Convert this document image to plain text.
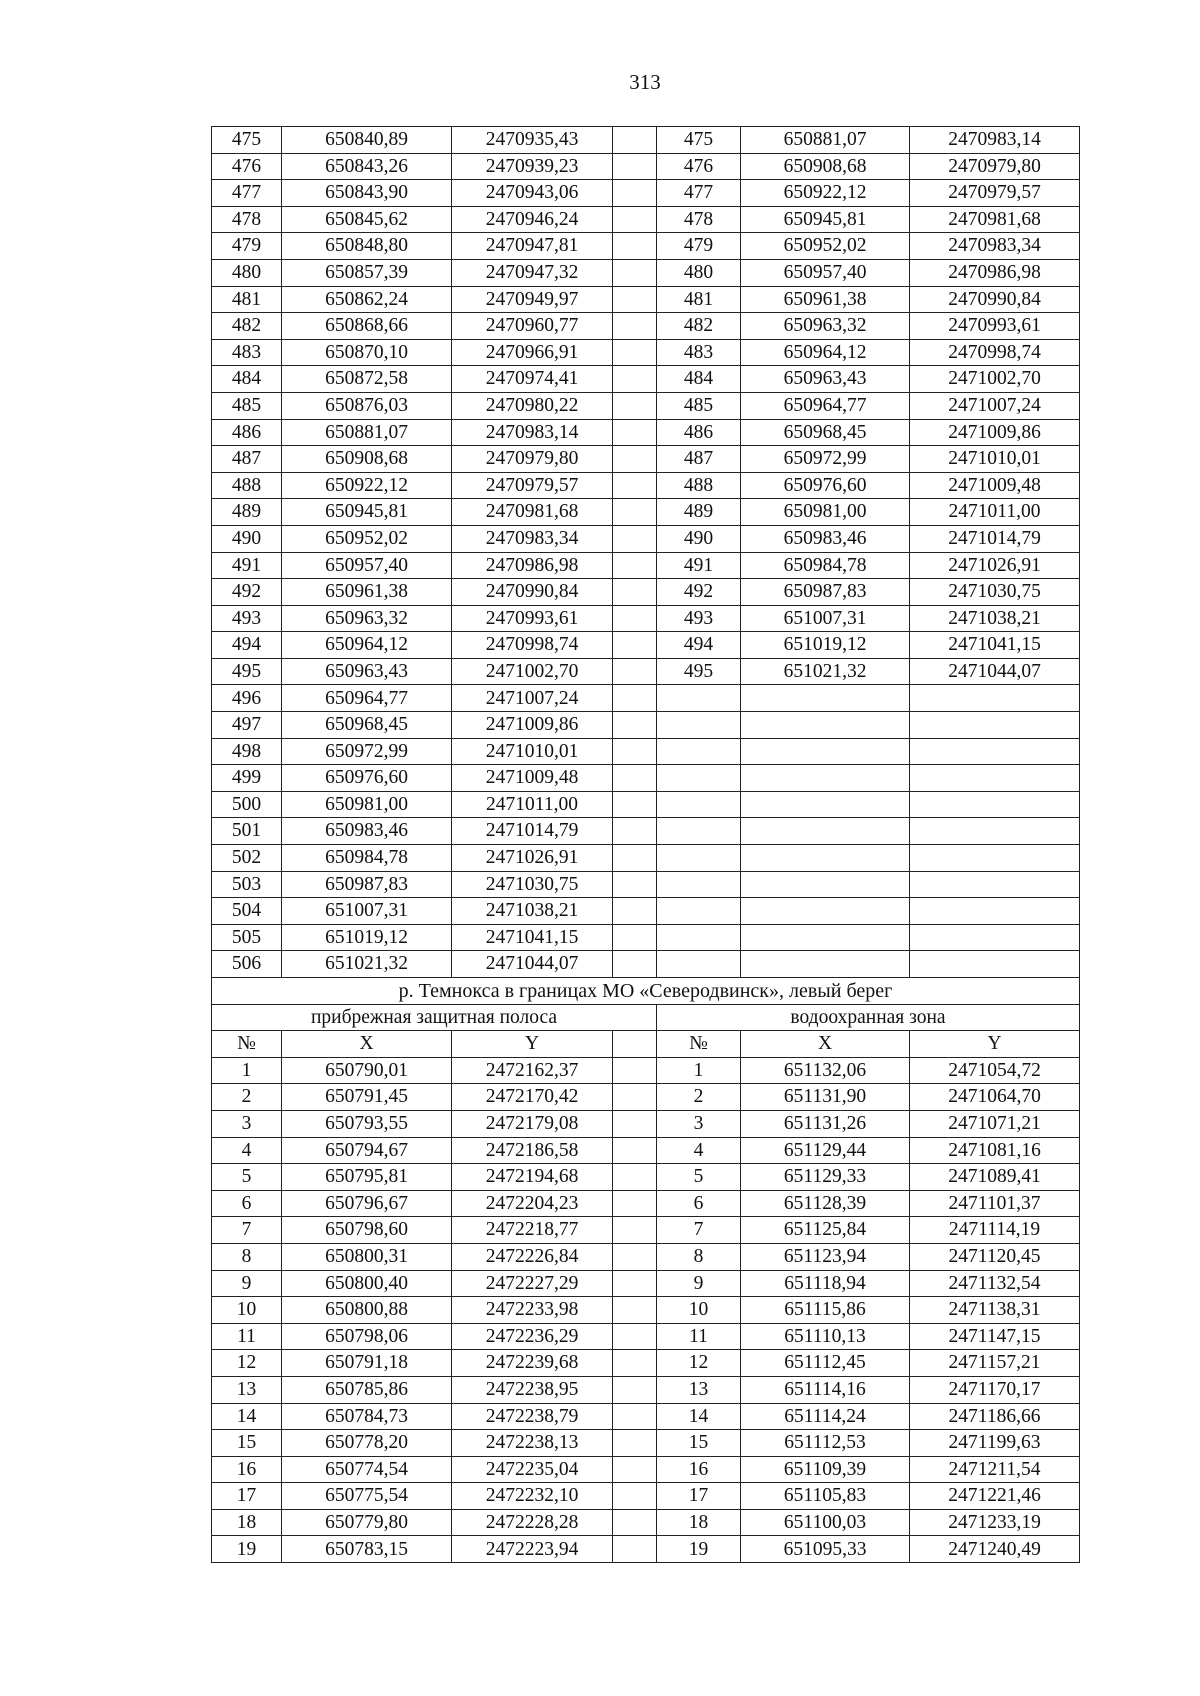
313
475	650840,89	2470935,43		475	650881,07	2470983,14
476	650843,26	2470939,23		476	650908,68	2470979,80
477	650843,90	2470943,06		477	650922,12	2470979,57
478	650845,62	2470946,24		478	650945,81	2470981,68
479	650848,80	2470947,81		479	650952,02	2470983,34
480	650857,39	2470947,32		480	650957,40	2470986,98
481	650862,24	2470949,97		481	650961,38	2470990,84
482	650868,66	2470960,77		482	650963,32	2470993,61
483	650870,10	2470966,91		483	650964,12	2470998,74
484	650872,58	2470974,41		484	650963,43	2471002,70
485	650876,03	2470980,22		485	650964,77	2471007,24
486	650881,07	2470983,14		486	650968,45	2471009,86
487	650908,68	2470979,80		487	650972,99	2471010,01
488	650922,12	2470979,57		488	650976,60	2471009,48
489	650945,81	2470981,68		489	650981,00	2471011,00
490	650952,02	2470983,34		490	650983,46	2471014,79
491	650957,40	2470986,98		491	650984,78	2471026,91
492	650961,38	2470990,84		492	650987,83	2471030,75
493	650963,32	2470993,61		493	651007,31	2471038,21
494	650964,12	2470998,74		494	651019,12	2471041,15
495	650963,43	2471002,70		495	651021,32	2471044,07
496	650964,77	2471007,24				
497	650968,45	2471009,86				
498	650972,99	2471010,01				
499	650976,60	2471009,48				
500	650981,00	2471011,00				
501	650983,46	2471014,79				
502	650984,78	2471026,91				
503	650987,83	2471030,75				
504	651007,31	2471038,21				
505	651019,12	2471041,15				
506	651021,32	2471044,07				
р. Темнокса в границах МО «Северодвинск», левый берег						
прибрежная защитная полоса				водоохранная зона		
№	X	Y		№	X	Y
1	650790,01	2472162,37		1	651132,06	2471054,72
2	650791,45	2472170,42		2	651131,90	2471064,70
3	650793,55	2472179,08		3	651131,26	2471071,21
4	650794,67	2472186,58		4	651129,44	2471081,16
5	650795,81	2472194,68		5	651129,33	2471089,41
6	650796,67	2472204,23		6	651128,39	2471101,37
7	650798,60	2472218,77		7	651125,84	2471114,19
8	650800,31	2472226,84		8	651123,94	2471120,45
9	650800,40	2472227,29		9	651118,94	2471132,54
10	650800,88	2472233,98		10	651115,86	2471138,31
11	650798,06	2472236,29		11	651110,13	2471147,15
12	650791,18	2472239,68		12	651112,45	2471157,21
13	650785,86	2472238,95		13	651114,16	2471170,17
14	650784,73	2472238,79		14	651114,24	2471186,66
15	650778,20	2472238,13		15	651112,53	2471199,63
16	650774,54	2472235,04		16	651109,39	2471211,54
17	650775,54	2472232,10		17	651105,83	2471221,46
18	650779,80	2472228,28		18	651100,03	2471233,19
19	650783,15	2472223,94		19	651095,33	2471240,49
